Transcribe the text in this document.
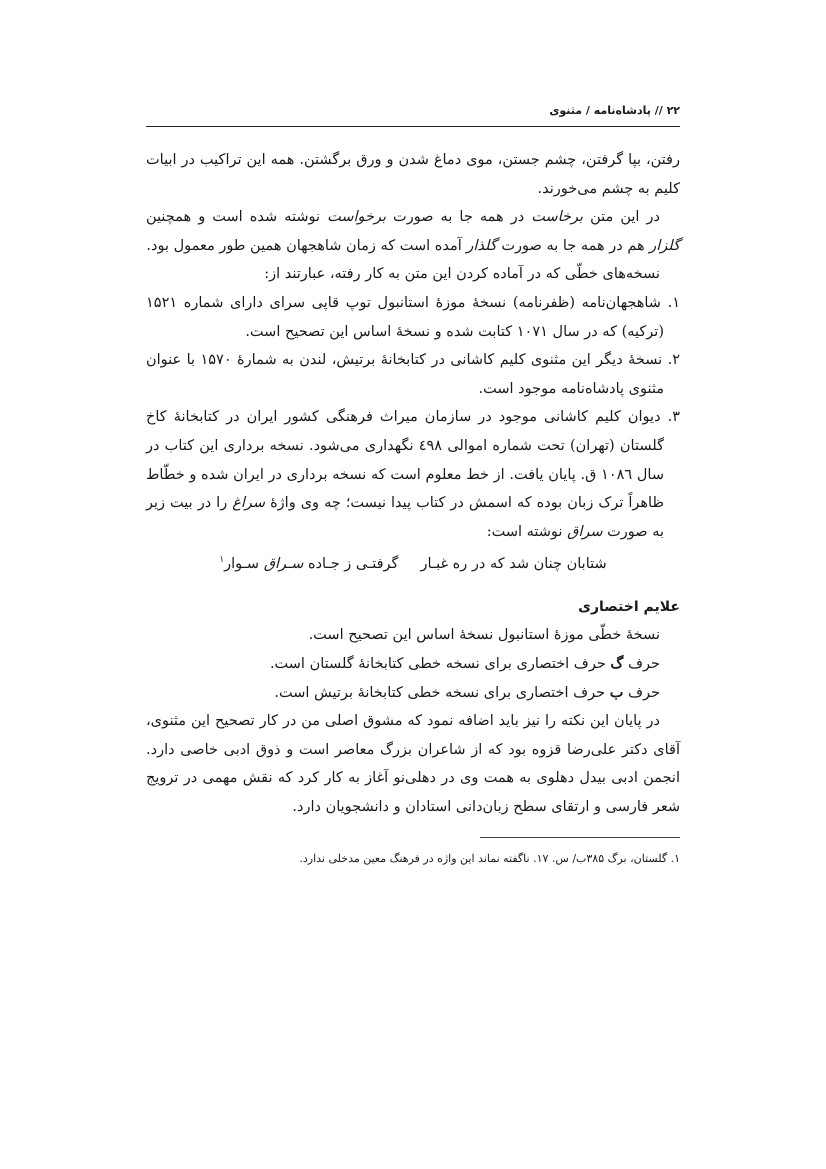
۲۲ // پادشاه‌نامه / مثنوی

رفتن، بپا گرفتن، چشم جستن، موی دماغ شدن و ورق برگشتن. همه این تراکیب در ابیات کلیم به چشم می‌خورند.

در این متن برخاست در همه جا به صورت برخواست نوشته شده است و همچنین گلزار هم در همه جا به صورت گلذار آمده است که زمان شاهجهان همین طور معمول بود.

نسخه‌های خطّی که در آماده کردن این متن به کار رفته، عبارتند از:

۱. شاهجهان‌نامه (ظفرنامه) نسخهٔ موزهٔ استانبول توپ قاپی سرای دارای شماره ۱۵۲۱ (ترکیه) که در سال ۱۰۷۱ کتابت شده و نسخهٔ اساس این تصحیح است.

۲. نسخهٔ دیگر این مثنوی کلیم کاشانی در کتابخانهٔ برتیش، لندن به شمارهٔ ۱۵۷۰ با عنوان مثنوی پادشاه‌نامه موجود است.

۳. دیوان کلیم کاشانی موجود در سازمان میراث فرهنگی کشور ایران در کتابخانهٔ کاخ گلستان (تهران) تحت شماره اموالی ٤٩٨ نگهداری می‌شود. نسخه برداری این کتاب در سال ١٠٨٦ ق. پایان یافت. از خط معلوم است که نسخه برداری در ایران شده و خطّاط ظاهراً ترک زبان بوده که اسمش در کتاب پیدا نیست؛ چه وی واژهٔ سراغ را در بیت زیر به صورت سراق نوشته است:

شتابان چنان شد که در ره غبـارگرفتـی ز جـاده سـراق سـوار$^۱$

علایم اختصاری

نسخهٔ خطّی موزهٔ استانبول نسخهٔ اساس این تصحیح است.

حرف گ حرف اختصاری برای نسخه خطی کتابخانهٔ گلستان است.

حرف ب حرف اختصاری برای نسخه خطی کتابخانهٔ برتیش است.

در پایان این نکته را نیز باید اضافه نمود که مشوق اصلی من در کار تصحیح این مثنوی، آقای دکتر علی‌رضا قزوه بود که از شاعران بزرگ معاصر است و ذوق ادبی خاصی دارد. انجمن ادبی بیدل دهلوی به همت وی در دهلی‌نو آغاز به کار کرد که نقش مهمی در ترویج شعر فارسی و ارتقای سطح زبان‌دانی استادان و دانشجویان دارد.

۱. گلستان، برگ ۳۸۵ب/ س. ۱۷. ناگفته نماند این واژه در فرهنگ معین مدخلی ندارد.
